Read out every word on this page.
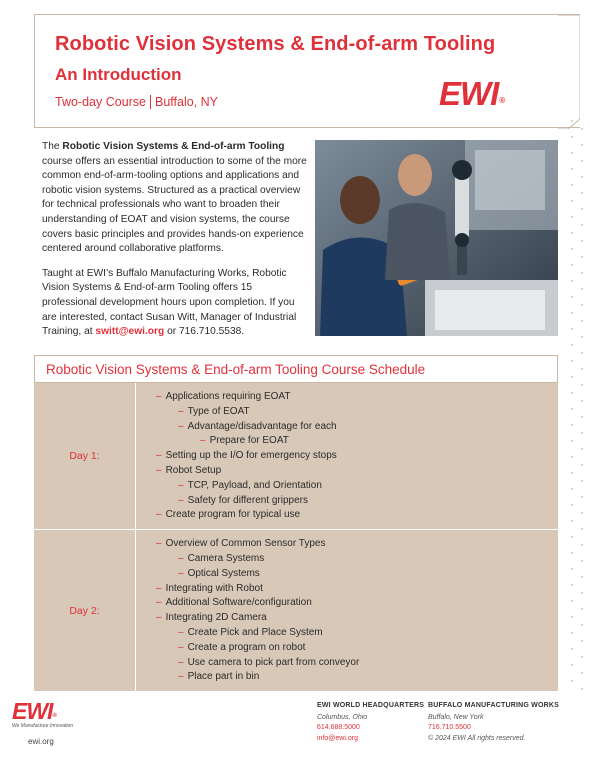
Robotic Vision Systems & End-of-arm Tooling
An Introduction
Two-day Course Buffalo, NY	EWI®

The Robotic Vision Systems & End-of-arm Tooling course offers an essential introduction to some of the more common end-of-arm-tooling options and applications and robotic vision systems. Structured as a practical overview for technical professionals who want to broaden their understanding of EOAT and vision systems, the course covers basic principles and provides hands-on experience centered around collaborative platforms.

Taught at EWI’s Buffalo Manufacturing Works, Robotic Vision Systems & End-of-arm Tooling offers 15 professional development hours upon completion. If you are interested, contact Susan Witt, Manager of Industrial Training, at switt@ewi.org or 716.710.5538.

Robotic Vision Systems & End-of-arm Tooling Course Schedule
Day 1:
– Applications requiring EOAT
– Type of EOAT
– Advantage/disadvantage for each
– Prepare for EOAT
– Setting up the I/O for emergency stops
– Robot Setup
– TCP, Payload, and Orientation
– Safety for different grippers
– Create program for typical use
Day 2:
– Overview of Common Sensor Types
– Camera Systems
– Optical Systems
– Integrating with Robot
– Additional Software/configuration
– Integrating 2D Camera
– Create Pick and Place System
– Create a program on robot
– Use camera to pick part from conveyor
– Place part in bin
EWI®
We Manufacture Innovation
ewi.org
EWI WORLD HEADQUARTERS
Columbus, Ohio
614.688.5000
info@ewi.org
BUFFALO MANUFACTURING WORKS
Buffalo, New York
716.710.5500
© 2024 EWI All rights reserved.
